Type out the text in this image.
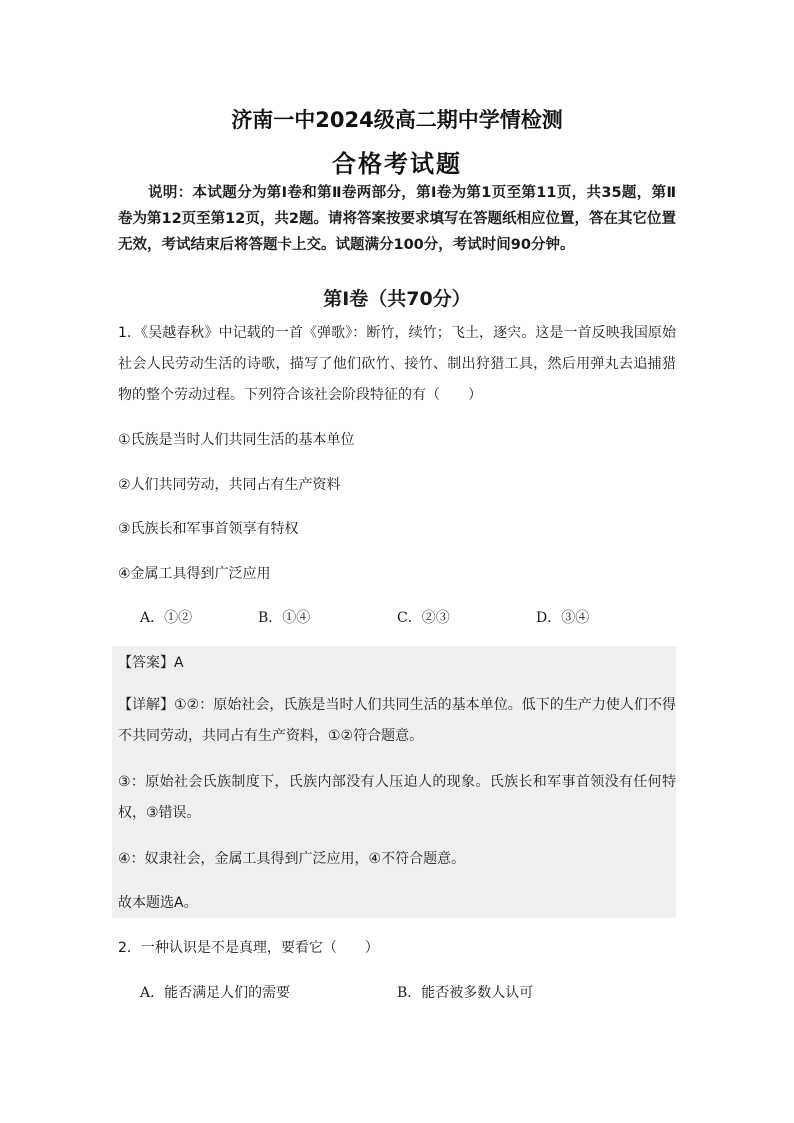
济南一中2024级高二期中学情检测
合格考试题
说明：本试题分为第Ⅰ卷和第Ⅱ卷两部分，第Ⅰ卷为第1页至第11页，共35题，第Ⅱ卷为第12页至第12页，共2题。请将答案按要求填写在答题纸相应位置，答在其它位置无效，考试结束后将答题卡上交。试题满分100分，考试时间90分钟。
第Ⅰ卷（共70分）
1．《吴越春秋》中记载的一首《弹歌》：断竹，续竹；飞土，逐宍。这是一首反映我国原始社会人民劳动生活的诗歌，描写了他们砍竹、接竹、制出狩猎工具，然后用弹丸去追捕猎物的整个劳动过程。下列符合该社会阶段特征的有（　　）
①氏族是当时人们共同生活的基本单位
②人们共同劳动，共同占有生产资料
③氏族长和军事首领享有特权
④金属工具得到广泛应用
A．①②	B．①④	C．②③	D．③④
【答案】A
【详解】①②：原始社会，氏族是当时人们共同生活的基本单位。低下的生产力使人们不得不共同劳动，共同占有生产资料，①②符合题意。
③：原始社会氏族制度下，氏族内部没有人压迫人的现象。氏族长和军事首领没有任何特权，③错误。
④：奴隶社会，金属工具得到广泛应用，④不符合题意。
故本题选A。
2．一种认识是不是真理，要看它（　　）
A．能否满足人们的需要	B．能否被多数人认可
